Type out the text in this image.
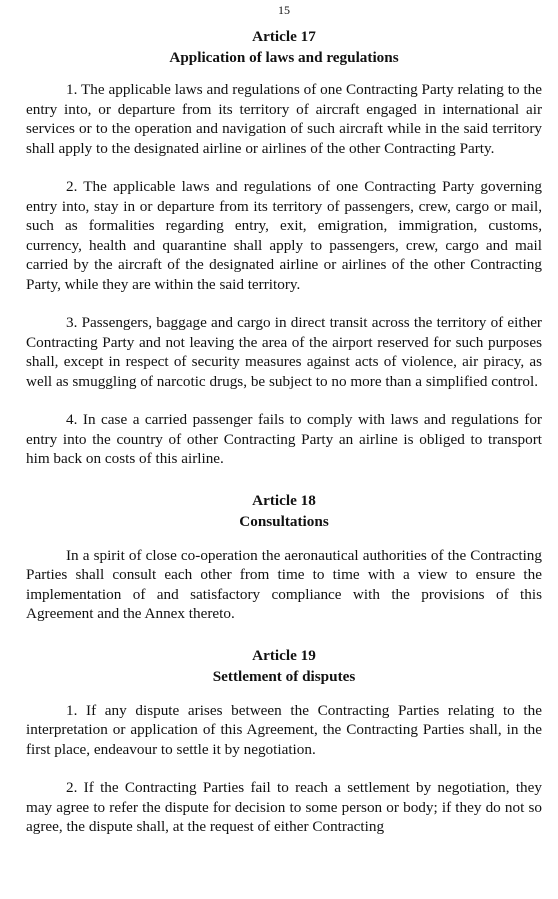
15
Article 17
Application of laws and regulations

1. The applicable laws and regulations of one Contracting Party relating to the entry into, or departure from its territory of aircraft engaged in international air services or to the operation and navigation of such aircraft while in the said territory shall apply to the designated airline or airlines of the other Contracting Party.

2. The applicable laws and regulations of one Contracting Party governing entry into, stay in or departure from its territory of passengers, crew, cargo or mail, such as formalities regarding entry, exit, emigration, immigration, customs, currency, health and quarantine shall apply to passengers, crew, cargo and mail carried by the aircraft of the designated airline or airlines of the other Contracting Party, while they are within the said territory.

3. Passengers, baggage and cargo in direct transit across the territory of either Contracting Party and not leaving the area of the airport reserved for such purposes shall, except in respect of security measures against acts of violence, air piracy, as well as smuggling of narcotic drugs, be subject to no more than a simplified control.

4. In case a carried passenger fails to comply with laws and regulations for entry into the country of other Contracting Party an airline is obliged to transport him back on costs of this airline.

Article 18
Consultations

In a spirit of close co-operation the aeronautical authorities of the Contracting Parties shall consult each other from time to time with a view to ensure the implementation of and satisfactory compliance with the provisions of this Agreement and the Annex thereto.

Article 19
Settlement of disputes

1. If any dispute arises between the Contracting Parties relating to the interpretation or application of this Agreement, the Contracting Parties shall, in the first place, endeavour to settle it by negotiation.

2. If the Contracting Parties fail to reach a settlement by negotiation, they may agree to refer the dispute for decision to some person or body; if they do not so agree, the dispute shall, at the request of either Contracting
